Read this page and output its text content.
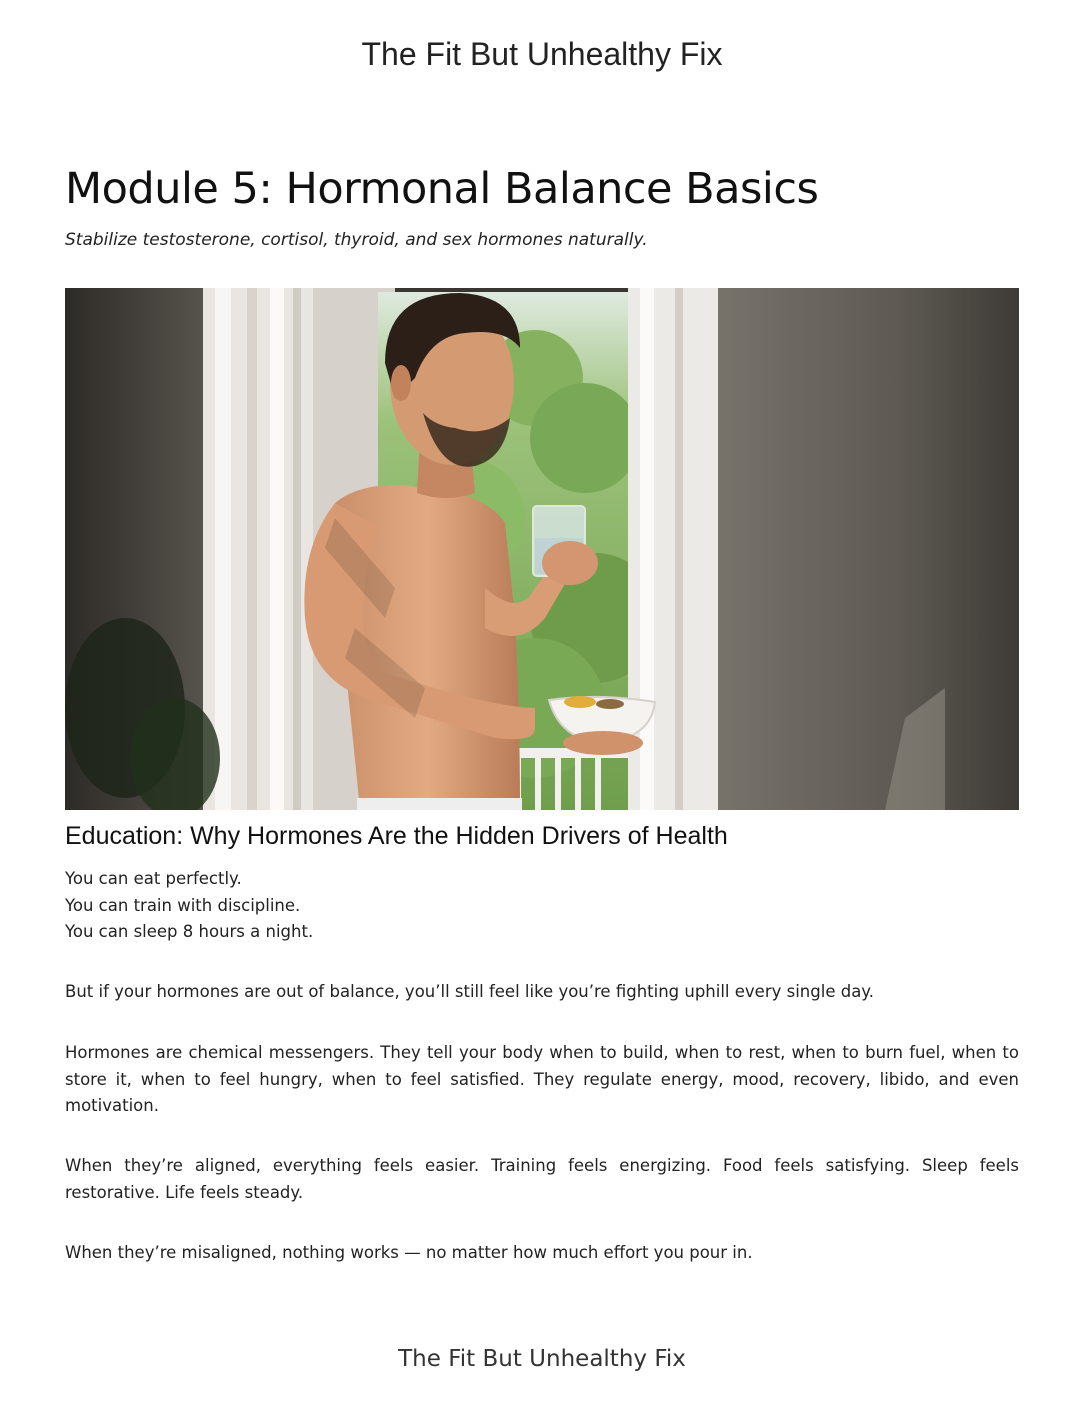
The Fit But Unhealthy Fix
Module 5: Hormonal Balance Basics

Stabilize testosterone, cortisol, thyroid, and sex hormones naturally.

Education: Why Hormones Are the Hidden Drivers of Health

You can eat perfectly.
You can train with discipline.
You can sleep 8 hours a night.

But if your hormones are out of balance, you’ll still feel like you’re fighting uphill every single day.

Hormones are chemical messengers. They tell your body when to build, when to rest, when to burn fuel, when to store it, when to feel hungry, when to feel satisfied. They regulate energy, mood, recovery, libido, and even motivation.

When they’re aligned, everything feels easier. Training feels energizing. Food feels satisfying. Sleep feels restorative. Life feels steady.

When they’re misaligned, nothing works — no matter how much effort you pour in.

The Fit But Unhealthy Fix
